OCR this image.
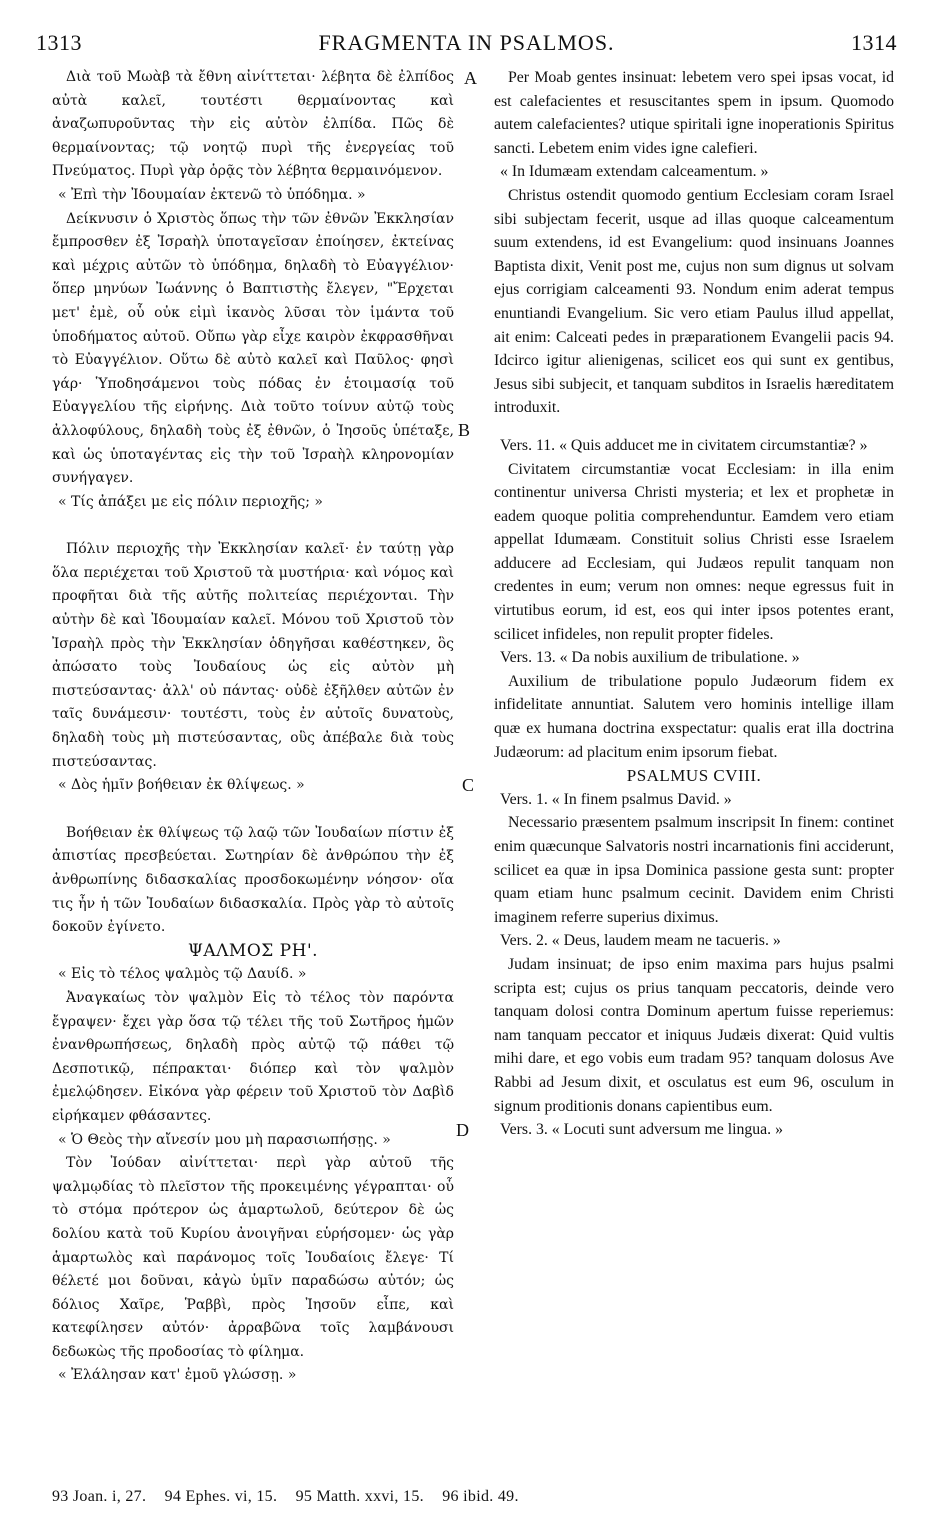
1313	FRAGMENTA IN PSALMOS.	1314

Διὰ τοῦ Μωὰβ τὰ ἔθνη αἰνίττεται· λέβητα δὲ ἐλπίδος αὐτὰ καλεῖ, τουτέστι θερμαίνοντας καὶ ἀναζωπυροῦντας τὴν εἰς αὐτὸν ἐλπίδα. Πῶς δὲ θερμαίνοντας; τῷ νοητῷ πυρὶ τῆς ἐνεργείας τοῦ Πνεύματος. Πυρὶ γὰρ ὁρᾷς τὸν λέβητα θερμαινόμενον.

« Ἐπὶ τὴν Ἰδουμαίαν ἐκτενῶ τὸ ὑπόδημα. »

Δείκνυσιν ὁ Χριστὸς ὅπως τὴν τῶν ἐθνῶν Ἐκκλησίαν ἔμπροσθεν ἐξ Ἰσραὴλ ὑποταγεῖσαν ἐποίησεν, ἐκτείνας καὶ μέχρις αὐτῶν τὸ ὑπόδημα, δηλαδὴ τὸ Εὐαγγέλιον· ὅπερ μηνύων Ἰωάννης ὁ Βαπτιστὴς ἔλεγεν, "Ἔρχεται μετ' ἐμὲ, οὗ οὐκ εἰμὶ ἱκανὸς λῦσαι τὸν ἱμάντα τοῦ ὑποδήματος αὐτοῦ. Οὔπω γὰρ εἶχε καιρὸν ἐκφρασθῆναι τὸ Εὐαγγέλιον. Οὕτω δὲ αὐτὸ καλεῖ καὶ Παῦλος· φησὶ γάρ· Ὑποδησάμενοι τοὺς πόδας ἐν ἑτοιμασίᾳ τοῦ Εὐαγγελίου τῆς εἰρήνης. Διὰ τοῦτο τοίνυν αὐτῷ τοὺς ἀλλοφύλους, δηλαδὴ τοὺς ἐξ ἐθνῶν, ὁ Ἰησοῦς ὑπέταξε, καὶ ὡς ὑποταγέντας εἰς τὴν τοῦ Ἰσραὴλ κληρονομίαν συνήγαγεν.

« Τίς ἀπάξει με εἰς πόλιν περιοχῆς; »

Πόλιν περιοχῆς τὴν Ἐκκλησίαν καλεῖ· ἐν ταύτῃ γὰρ ὅλα περιέχεται τοῦ Χριστοῦ τὰ μυστήρια· καὶ νόμος καὶ προφῆται διὰ τῆς αὐτῆς πολιτείας περιέχονται. Τὴν αὐτὴν δὲ καὶ Ἰδουμαίαν καλεῖ. Μόνου τοῦ Χριστοῦ τὸν Ἰσραὴλ πρὸς τὴν Ἐκκλησίαν ὁδηγῆσαι καθέστηκεν, ὃς ἀπώσατο τοὺς Ἰουδαίους ὡς εἰς αὐτὸν μὴ πιστεύσαντας· ἀλλ' οὐ πάντας· οὐδὲ ἐξῆλθεν αὐτῶν ἐν ταῖς δυνάμεσιν· τουτέστι, τοὺς ἐν αὐτοῖς δυνατοὺς, δηλαδὴ τοὺς μὴ πιστεύσαντας, οὓς ἀπέβαλε διὰ τοὺς πιστεύσαντας.

« Δὸς ἡμῖν βοήθειαν ἐκ θλίψεως. »

Βοήθειαν ἐκ θλίψεως τῷ λαῷ τῶν Ἰουδαίων πίστιν ἐξ ἀπιστίας πρεσβεύεται. Σωτηρίαν δὲ ἀνθρώπου τὴν ἐξ ἀνθρωπίνης διδασκαλίας προσδοκωμένην νόησον· οἵα τις ἦν ἡ τῶν Ἰουδαίων διδασκαλία. Πρὸς γὰρ τὸ αὐτοῖς δοκοῦν ἐγίνετο.

ΨΑΛΜΟΣ ΡΗ'.

« Εἰς τὸ τέλος ψαλμὸς τῷ Δαυίδ. »

Ἀναγκαίως τὸν ψαλμὸν Εἰς τὸ τέλος τὸν παρόντα ἔγραψεν· ἔχει γὰρ ὅσα τῷ τέλει τῆς τοῦ Σωτῆρος ἡμῶν ἐνανθρωπήσεως, δηλαδὴ πρὸς αὐτῷ τῷ πάθει τῷ Δεσποτικῷ, πέπρακται· διόπερ καὶ τὸν ψαλμὸν ἐμελῴδησεν. Εἰκόνα γὰρ φέρειν τοῦ Χριστοῦ τὸν Δαβὶδ εἰρήκαμεν φθάσαντες.

« Ὁ Θεὸς τὴν αἴνεσίν μου μὴ παρασιωπήσῃς. »

Τὸν Ἰούδαν αἰνίττεται· περὶ γὰρ αὐτοῦ τῆς ψαλμῳδίας τὸ πλεῖστον τῆς προκειμένης γέγραπται· οὗ τὸ στόμα πρότερον ὡς ἁμαρτωλοῦ, δεύτερον δὲ ὡς δολίου κατὰ τοῦ Κυρίου ἀνοιγῆναι εὑρήσομεν· ὡς γὰρ ἁμαρτωλὸς καὶ παράνομος τοῖς Ἰουδαίοις ἔλεγε· Τί θέλετέ μοι δοῦναι, κἀγὼ ὑμῖν παραδώσω αὐτόν; ὡς δόλιος Χαῖρε, Ῥαββὶ, πρὸς Ἰησοῦν εἶπε, καὶ κατεφίλησεν αὐτόν· ἀρραβῶνα τοῖς λαμβάνουσι δεδωκὼς τῆς προδοσίας τὸ φίλημα.

« Ἐλάλησαν κατ' ἐμοῦ γλώσσῃ. »

Per Moab gentes insinuat: lebetem vero spei ipsas vocat, id est calefacientes et resuscitantes spem in ipsum. Quomodo autem calefacientes? utique spiritali igne inoperationis Spiritus sancti. Lebetem enim vides igne calefieri.

« In Idumæam extendam calceamentum. »

Christus ostendit quomodo gentium Ecclesiam coram Israel sibi subjectam fecerit, usque ad illas quoque calceamentum suum extendens, id est Evangelium: quod insinuans Joannes Baptista dixit, Venit post me, cujus non sum dignus ut solvam ejus corrigiam calceamenti 93. Nondum enim aderat tempus enuntiandi Evangelium. Sic vero etiam Paulus illud appellat, ait enim: Calceati pedes in præparationem Evangelii pacis 94. Idcirco igitur alienigenas, scilicet eos qui sunt ex gentibus, Jesus sibi subjecit, et tanquam subditos in Israelis hæreditatem introduxit.

Vers. 11. « Quis adducet me in civitatem circumstantiæ? »

Civitatem circumstantiæ vocat Ecclesiam: in illa enim continentur universa Christi mysteria; et lex et prophetæ in eadem quoque politia comprehenduntur. Eamdem vero etiam appellat Idumæam. Constituit solius Christi esse Israelem adducere ad Ecclesiam, qui Judæos repulit tanquam non credentes in eum; verum non omnes: neque egressus fuit in virtutibus eorum, id est, eos qui inter ipsos potentes erant, scilicet infideles, non repulit propter fideles.

Vers. 13. « Da nobis auxilium de tribulatione. »

Auxilium de tribulatione populo Judæorum fidem ex infidelitate annuntiat. Salutem vero hominis intellige illam quæ ex humana doctrina exspectatur: qualis erat illa doctrina Judæorum: ad placitum enim ipsorum fiebat.

PSALMUS CVIII.

Vers. 1. « In finem psalmus David. »

Necessario præsentem psalmum inscripsit In finem: continet enim quæcunque Salvatoris nostri incarnationis fini acciderunt, scilicet ea quæ in ipsa Dominica passione gesta sunt: propter quam etiam hunc psalmum cecinit. Davidem enim Christi imaginem referre superius diximus.

Vers. 2. « Deus, laudem meam ne tacueris. »

Judam insinuat; de ipso enim maxima pars hujus psalmi scripta est; cujus os prius tanquam peccatoris, deinde vero tanquam dolosi contra Dominum apertum fuisse reperiemus: nam tanquam peccator et iniquus Judæis dixerat: Quid vultis mihi dare, et ego vobis eum tradam 95? tanquam dolosus Ave Rabbi ad Jesum dixit, et osculatus est eum 96, osculum in signum proditionis donans capientibus eum.

Vers. 3. « Locuti sunt adversum me lingua. »

A
B
C
D
93 Joan. i, 27. 94 Ephes. vi, 15. 95 Matth. xxvi, 15. 96 ibid. 49.
